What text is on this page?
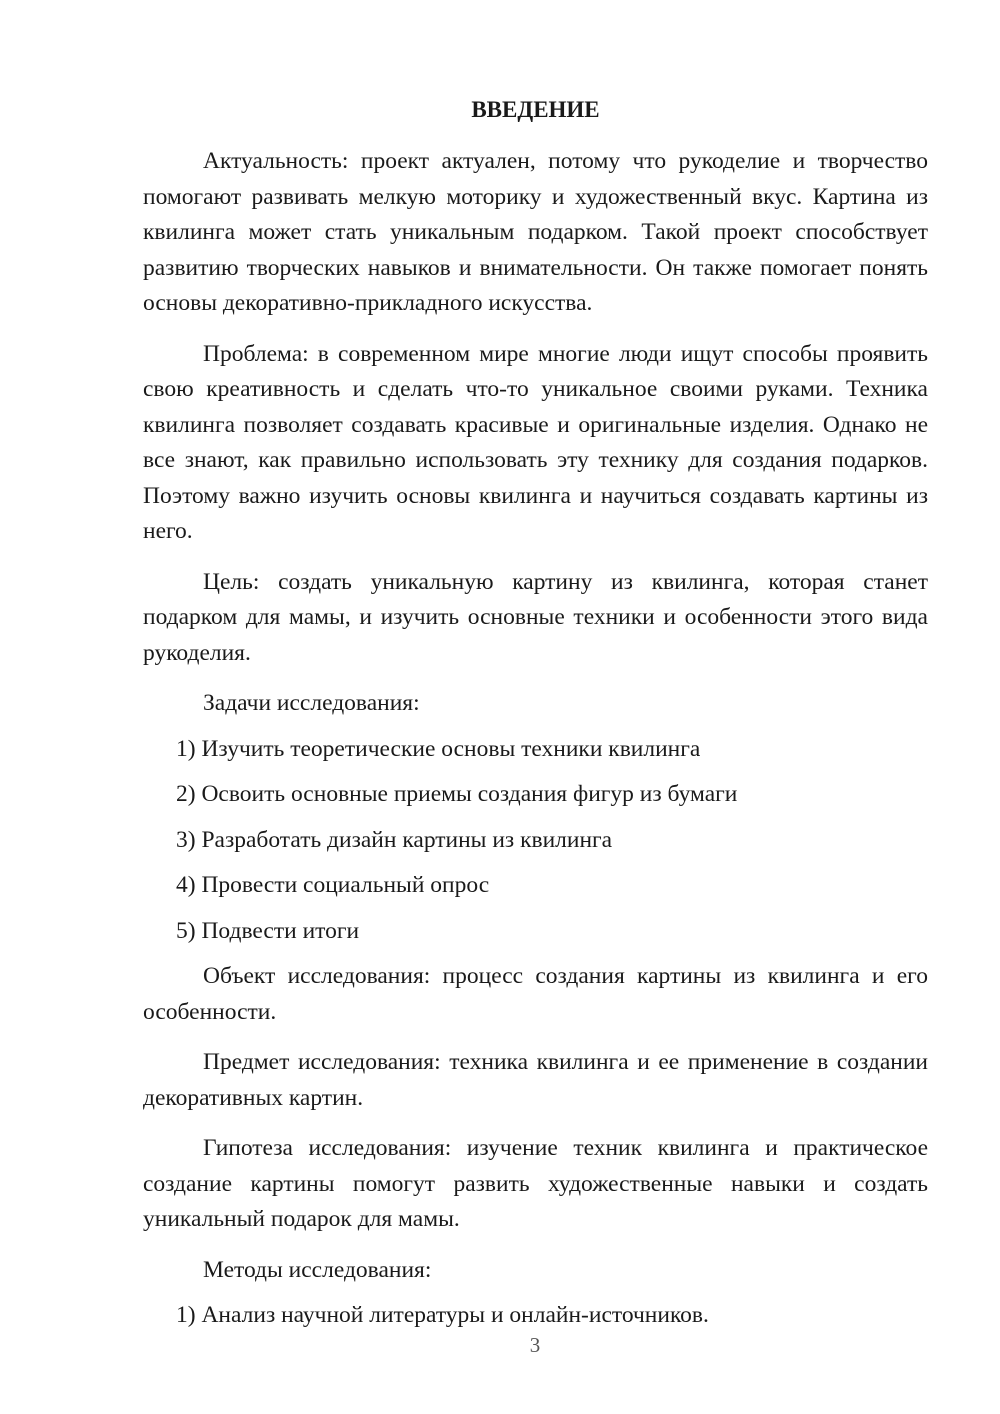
ВВЕДЕНИЕ

Актуальность: проект актуален, потому что рукоделие и творчество помогают развивать мелкую моторику и художественный вкус. Картина из квилинга может стать уникальным подарком. Такой проект способствует развитию творческих навыков и внимательности. Он также помогает понять основы декоративно-прикладного искусства.

Проблема: в современном мире многие люди ищут способы проявить свою креативность и сделать что-то уникальное своими руками. Техника квилинга позволяет создавать красивые и оригинальные изделия. Однако не все знают, как правильно использовать эту технику для создания подарков. Поэтому важно изучить основы квилинга и научиться создавать картины из него.

Цель: создать уникальную картину из квилинга, которая станет подарком для мамы, и изучить основные техники и особенности этого вида рукоделия.

Задачи исследования:

1) Изучить теоретические основы техники квилинга

2) Освоить основные приемы создания фигур из бумаги

3) Разработать дизайн картины из квилинга

4) Провести социальный опрос

5) Подвести итоги

Объект исследования: процесс создания картины из квилинга и его особенности.

Предмет исследования: техника квилинга и ее применение в создании декоративных картин.

Гипотеза исследования: изучение техник квилинга и практическое создание картины помогут развить художественные навыки и создать уникальный подарок для мамы.

Методы исследования:

1) Анализ научной литературы и онлайн-источников.

3
